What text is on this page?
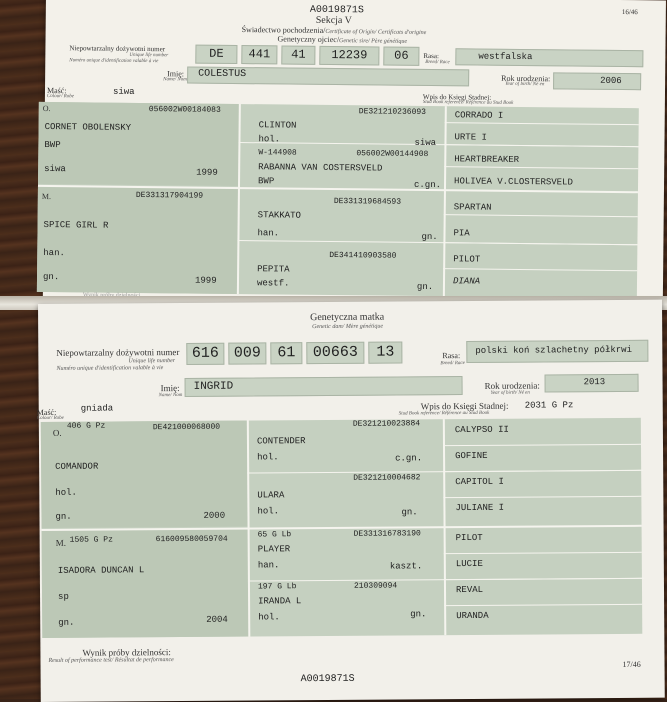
A0019871S	16/46
Sekcja V
Świadectwo pochodzenia/Certificate of Origin/ Certificats d'origine
Genetyczny ojciec/Genetic sire/ Père génétique
Niepowtarzalny dożywotni numer
Unique life number
Numéro unique d'identification valable à vie
DE	441	41	12239	06	Rasa:
Breed/ Race
westfalska
Imię:
Name/ Nom COLESTUS	Rok urodzenia:
Year of birth/ Né en	2006
Maść:
Colour/ Robe	siwa
Wpis do Księgi Stadnej:
Stud Book reference/ Référence au Stud Book
O.	056002W00184083
CORNET OBOLENSKY
BWP
siwa	1999
DE321210236093
CLINTON
hol.	siwa
W-144908	056002W00144908
RABANNA VAN COSTERSVELD
BWP	c.gn.
CORRADO I
URTE I
HEARTBREAKER
HOLIVEA V.CLOSTERSVELD
M.	DE331317904199
SPICE GIRL R
han.
gn.	1999
DE331319684593
STAKKATO
han.	gn.
DE341410903580
PEPITA
westf.	gn.
SPARTAN
PIA
PILOT
DIANA
Genetyczna matka
Genetic dam/ Mère génétique
Niepowtarzalny dożywotni numer
Unique life number
Numéro unique d'identification valable à vie
616 009	61	00663	13	Rasa:
Breed/ Race
polski koń szlachetny półkrwi
Imię:
Name/ Nom
INGRID	Rok urodzenia:
Year of birth/ Né en
2013
Maść:
Colour/ Robe
gniada	Wpis do Księgi Stadnej:
Stud Book reference/ Référence au Stud Book
2031 G Pz
O.
406 G Pz	DE421000068000
COMANDOR
hol.
gn.	2000
DE321210023884
CONTENDER
hol.	c.gn.
DE321210004682
ULARA
hol.	gn.
CALYPSO II
GOFINE
CAPITOL I
JULIANE I
M. 1505 G Pz	616009580059704
ISADORA DUNCAN L
sp
gn.	2004
65 G Lb	DE331316783190
PLAYER
han.	kaszt.
197 G Lb	210309094
IRANDA L
hol.	gn.
PILOT
LUCIE
REVAL
URANDA
Wynik próby dzielności:
Result of performance test/ Résultat de performance
A0019871S
17/46
